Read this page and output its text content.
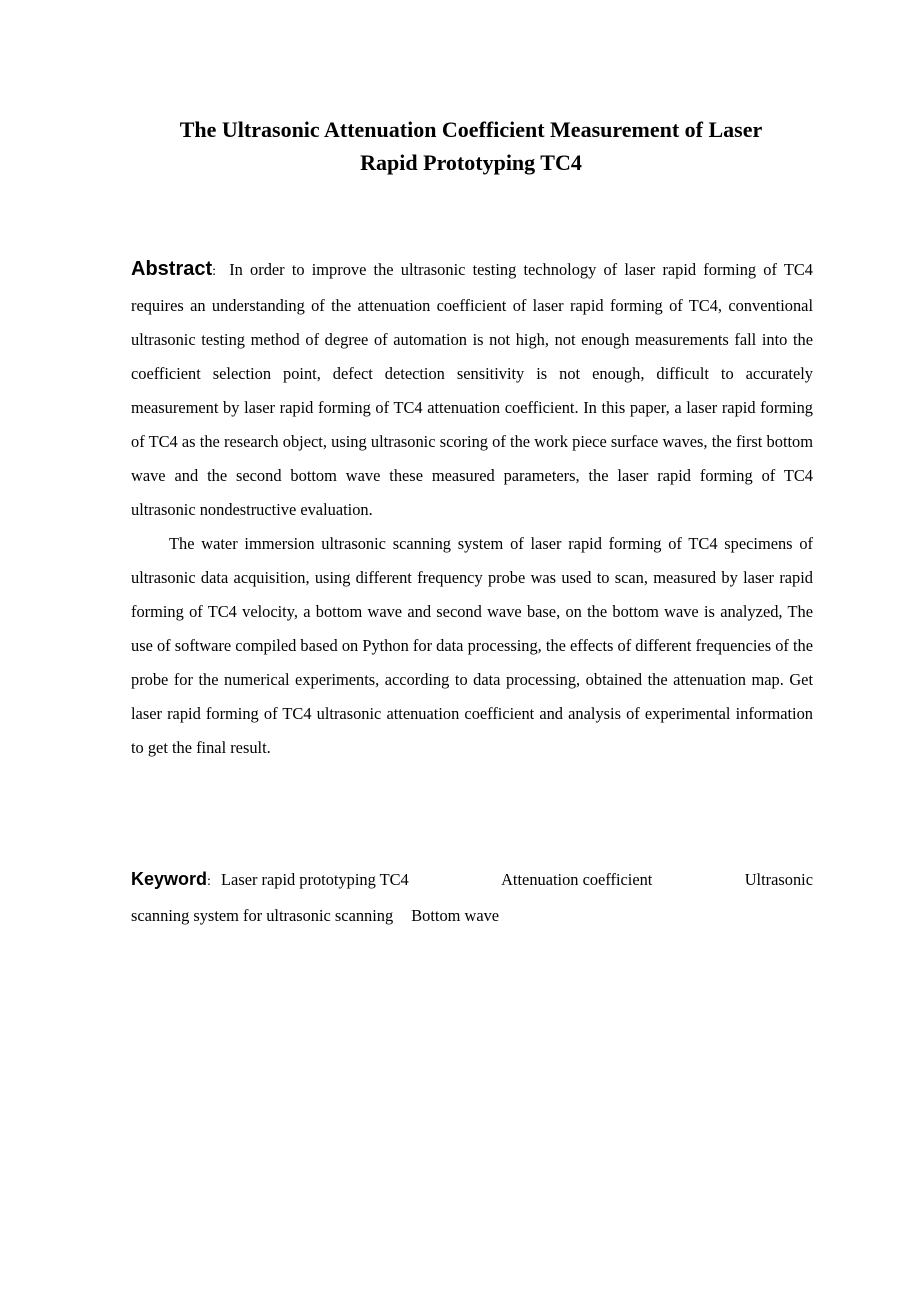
The Ultrasonic Attenuation Coefficient Measurement of Laser
Rapid Prototyping TC4

Abstract: In order to improve the ultrasonic testing technology of laser rapid forming of TC4 requires an understanding of the attenuation coefficient of laser rapid forming of TC4, conventional ultrasonic testing method of degree of automation is not high, not enough measurements fall into the coefficient selection point, defect detection sensitivity is not enough, difficult to accurately measurement by laser rapid forming of TC4 attenuation coefficient. In this paper, a laser rapid forming of TC4 as the research object, using ultrasonic scoring of the work piece surface waves, the first bottom wave and the second bottom wave these measured parameters, the laser rapid forming of TC4 ultrasonic nondestructive evaluation.

The water immersion ultrasonic scanning system of laser rapid forming of TC4 specimens of ultrasonic data acquisition, using different frequency probe was used to scan, measured by laser rapid forming of TC4 velocity, a bottom wave and second wave base, on the bottom wave is analyzed, The use of software compiled based on Python for data processing, the effects of different frequencies of the probe for the numerical experiments, according to data processing, obtained the attenuation map. Get laser rapid forming of TC4 ultrasonic attenuation coefficient and analysis of experimental information to get the final result.

Keyword: Laser rapid prototyping TC4	Attenuation coefficient	Ultrasonic
scanning system for ultrasonic scanning Bottom wave
